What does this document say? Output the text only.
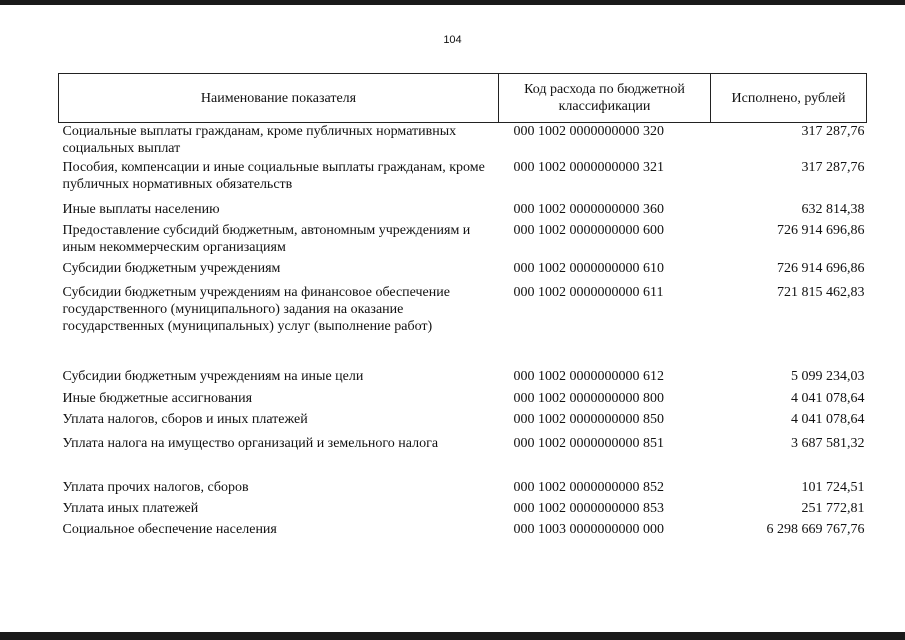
104
Наименование показателя	Код расхода по бюджетной классификации	Исполнено, рублей
Социальные выплаты гражданам, кроме публичных нормативных социальных выплат	000 1002 0000000000 320	317 287,76
Пособия, компенсации и иные социальные выплаты гражданам, кроме публичных нормативных обязательств	000 1002 0000000000 321	317 287,76
Иные выплаты населению	000 1002 0000000000 360	632 814,38
Предоставление субсидий бюджетным, автономным учреждениям и иным некоммерческим организациям	000 1002 0000000000 600	726 914 696,86
Субсидии бюджетным учреждениям	000 1002 0000000000 610	726 914 696,86
Субсидии бюджетным учреждениям на финансовое обеспечение государственного (муниципального) задания на оказание государственных (муниципальных) услуг (выполнение работ)	000 1002 0000000000 611	721 815 462,83
Субсидии бюджетным учреждениям на иные цели	000 1002 0000000000 612	5 099 234,03
Иные бюджетные ассигнования	000 1002 0000000000 800	4 041 078,64
Уплата налогов, сборов и иных платежей	000 1002 0000000000 850	4 041 078,64
Уплата налога на имущество организаций и земельного налога	000 1002 0000000000 851	3 687 581,32
Уплата прочих налогов, сборов	000 1002 0000000000 852	101 724,51
Уплата иных платежей	000 1002 0000000000 853	251 772,81
Социальное обеспечение населения	000 1003 0000000000 000	6 298 669 767,76
